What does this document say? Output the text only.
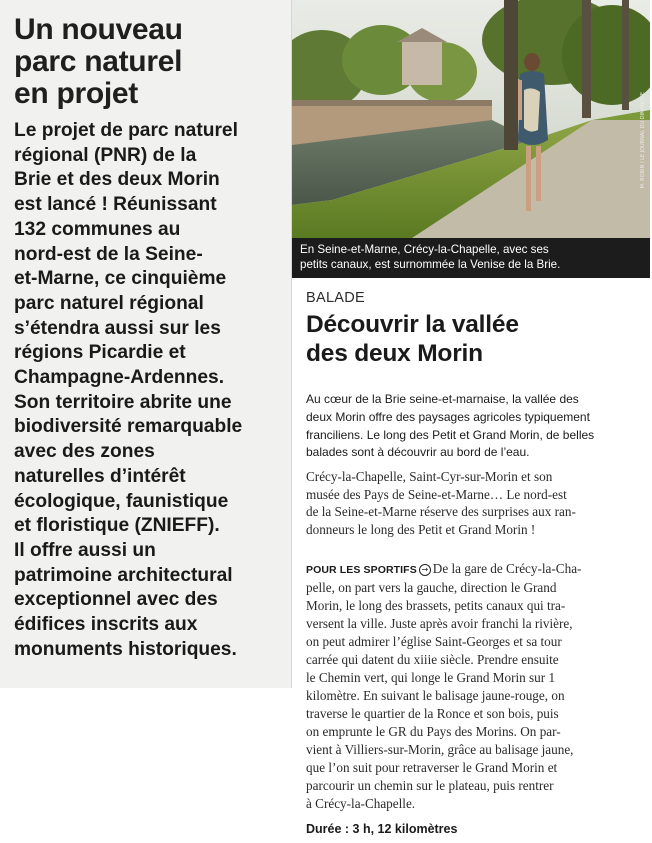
Un nouveau
parc naturel
en projet
Le projet de parc naturel
régional (PNR) de la
Brie et des deux Morin
est lancé ! Réunissant
132 communes au
nord-est de la Seine-
et-Marne, ce cinquième
parc naturel régional
s’étendra aussi sur les
régions Picardie et
Champagne-Ardennes.
Son territoire abrite une
biodiversité remarquable
avec des zones
naturelles d’intérêt
écologique, faunistique
et floristique (ZNIEFF).
Il offre aussi un
patrimoine architectural
exceptionnel avec des
édifices inscrits aux
monuments historiques.
M. ROBIN / LE JOURNAL DU DIMANCHE
En Seine-et-Marne, Crécy-la-Chapelle, avec ses
petits canaux, est surnommée la Venise de la Brie.
BALADE
Découvrir la vallée
des deux Morin
Au cœur de la Brie seine-et-marnaise, la vallée des
deux Morin offre des paysages agricoles typiquement
franciliens. Le long des Petit et Grand Morin, de belles
balades sont à découvrir au bord de l’eau.
Crécy-la-Chapelle, Saint-Cyr-sur-Morin et son
musée des Pays de Seine-et-Marne… Le nord-est
de la Seine-et-Marne réserve des surprises aux ran-
donneurs le long des Petit et Grand Morin !
POUR LES SPORTIFS → De la gare de Crécy-la-Cha-
pelle, on part vers la gauche, direction le Grand
Morin, le long des brassets, petits canaux qui tra-
versent la ville. Juste après avoir franchi la rivière,
on peut admirer l’église Saint-Georges et sa tour
carrée qui datent du xiiie siècle. Prendre ensuite
le Chemin vert, qui longe le Grand Morin sur 1
kilomètre. En suivant le balisage jaune-rouge, on
traverse le quartier de la Ronce et son bois, puis
on emprunte le GR du Pays des Morins. On par-
vient à Villiers-sur-Morin, grâce au balisage jaune,
que l’on suit pour retraverser le Grand Morin et
parcourir un chemin sur le plateau, puis rentrer
à Crécy-la-Chapelle.
Durée : 3 h, 12 kilomètres
